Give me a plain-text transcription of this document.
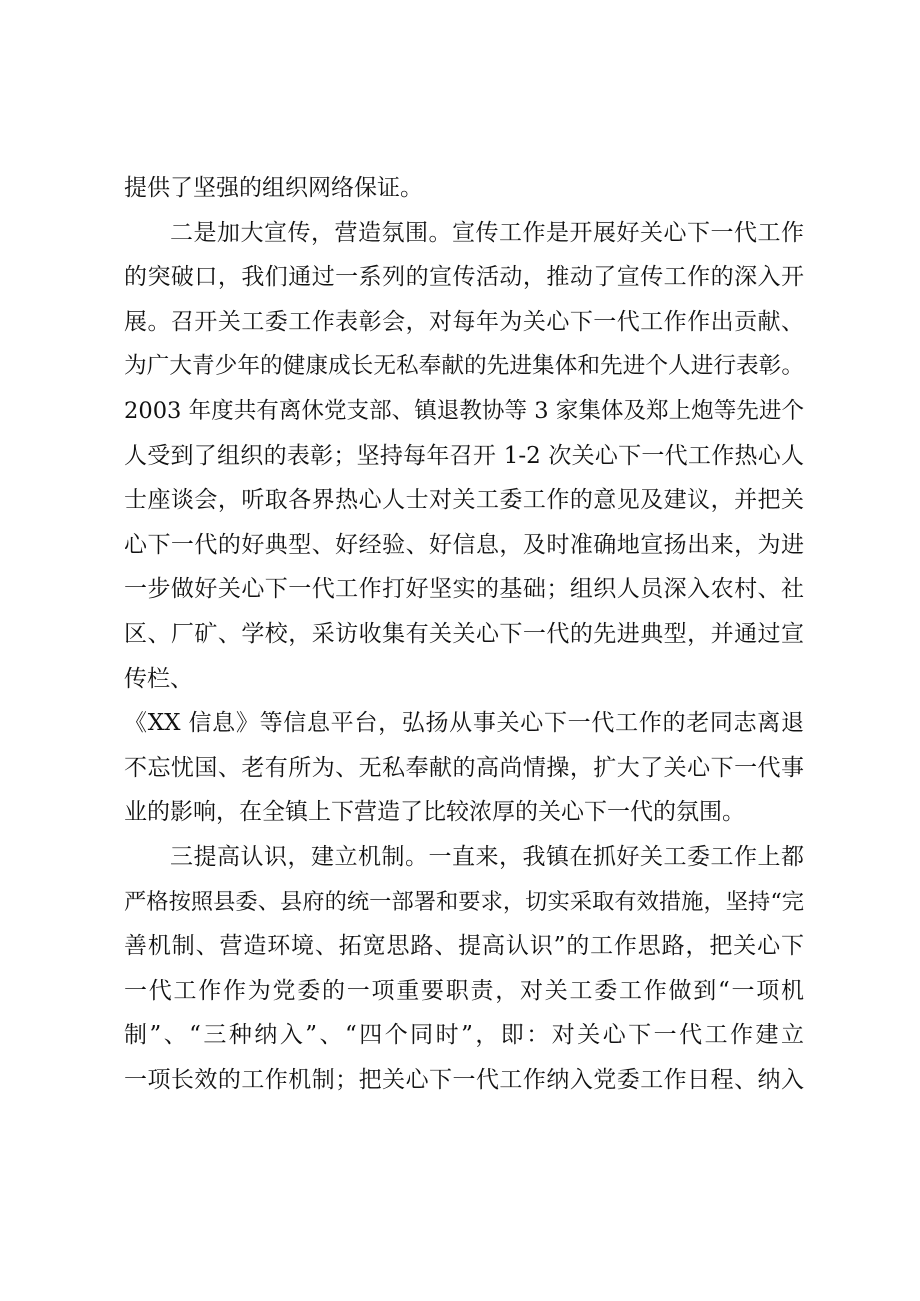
提供了坚强的组织网络保证。
二是加大宣传，营造氛围。宣传工作是开展好关心下一代工作
的突破口，我们通过一系列的宣传活动，推动了宣传工作的深入开
展。召开关工委工作表彰会，对每年为关心下一代工作作出贡献、
为广大青少年的健康成长无私奉献的先进集体和先进个人进行表彰。
2003 年度共有离休党支部、镇退教协等 3 家集体及郑上炮等先进个
人受到了组织的表彰；坚持每年召开 1-2 次关心下一代工作热心人
士座谈会，听取各界热心人士对关工委工作的意见及建议，并把关
心下一代的好典型、好经验、好信息，及时准确地宣扬出来，为进
一步做好关心下一代工作打好坚实的基础；组织人员深入农村、社
区、厂矿、学校，采访收集有关关心下一代的先进典型，并通过宣
传栏、
《XX 信息》等信息平台，弘扬从事关心下一代工作的老同志离退
不忘忧国、老有所为、无私奉献的高尚情操，扩大了关心下一代事
业的影响，在全镇上下营造了比较浓厚的关心下一代的氛围。
三提高认识，建立机制。一直来，我镇在抓好关工委工作上都
严格按照县委、县府的统一部署和要求，切实采取有效措施，坚持“完
善机制、营造环境、拓宽思路、提高认识”的工作思路，把关心下
一代工作作为党委的一项重要职责，对关工委工作做到“一项机
制”、“三种纳入”、“四个同时”，即：对关心下一代工作建立
一项长效的工作机制；把关心下一代工作纳入党委工作日程、纳入
